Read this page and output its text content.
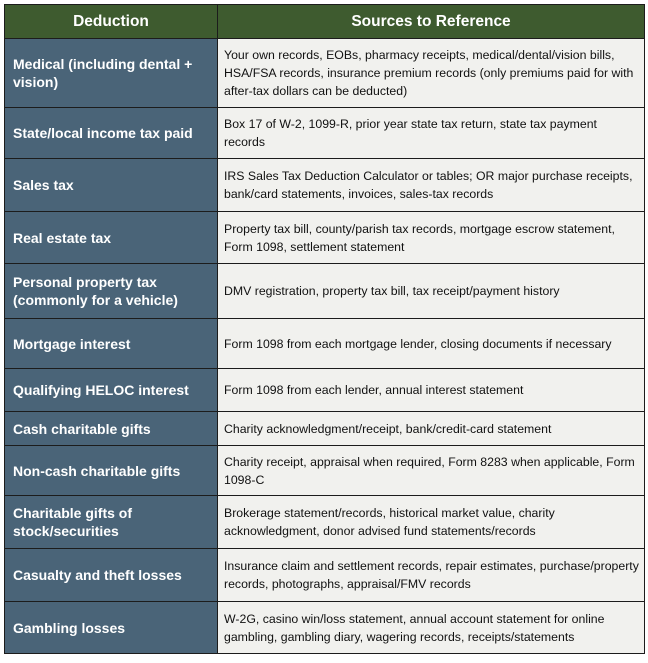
Deduction	Sources to Reference
Medical (including dental + vision)	Your own records, EOBs, pharmacy receipts, medical/dental/vision bills, HSA/FSA records, insurance premium records (only premiums paid for with after-tax dollars can be deducted)
State/local income tax paid	Box 17 of W-2, 1099-R, prior year state tax return, state tax payment records
Sales tax	IRS Sales Tax Deduction Calculator or tables; OR major purchase receipts, bank/card statements, invoices, sales-tax records
Real estate tax	Property tax bill, county/parish tax records, mortgage escrow statement, Form 1098, settlement statement
Personal property tax (commonly for a vehicle)	DMV registration, property tax bill, tax receipt/payment history
Mortgage interest	Form 1098 from each mortgage lender, closing documents if necessary
Qualifying HELOC interest	Form 1098 from each lender, annual interest statement
Cash charitable gifts	Charity acknowledgment/receipt, bank/credit-card statement
Non-cash charitable gifts	Charity receipt, appraisal when required, Form 8283 when applicable, Form 1098-C
Charitable gifts of stock/securities	Brokerage statement/records, historical market value, charity acknowledgment, donor advised fund statements/records
Casualty and theft losses	Insurance claim and settlement records, repair estimates, purchase/property records, photographs, appraisal/FMV records
Gambling losses	W-2G, casino win/loss statement, annual account statement for online gambling, gambling diary, wagering records, receipts/statements
